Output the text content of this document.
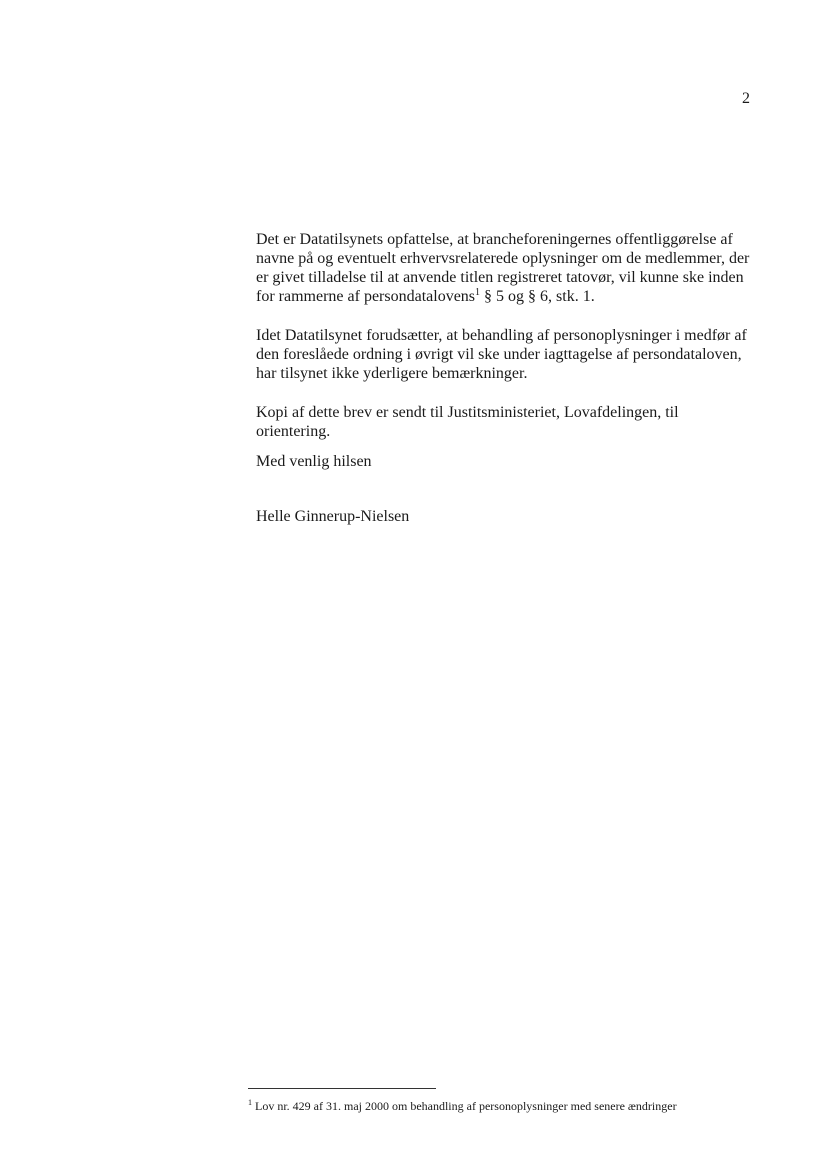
2

Det er Datatilsynets opfattelse, at brancheforeningernes offentliggørelse af
navne på og eventuelt erhvervsrelaterede oplysninger om de medlemmer, der
er givet tilladelse til at anvende titlen registreret tatovør, vil kunne ske inden
for rammerne af persondatalovens$^1$ § 5 og § 6, stk. 1.

Idet Datatilsynet forudsætter, at behandling af personoplysninger i medfør af
den foreslåede ordning i øvrigt vil ske under iagttagelse af persondataloven,
har tilsynet ikke yderligere bemærkninger.

Kopi af dette brev er sendt til Justitsministeriet, Lovafdelingen, til orientering.

Med venlig hilsen

Helle Ginnerup-Nielsen

$^1$ Lov nr. 429 af 31. maj 2000 om behandling af personoplysninger med senere ændringer
